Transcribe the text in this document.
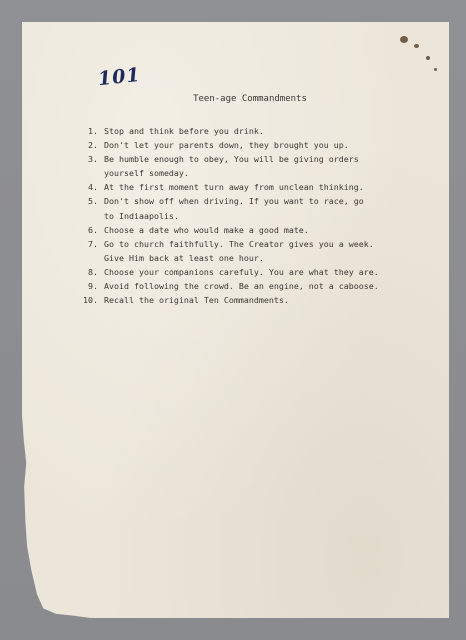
101

Teen-age Commandments

1. Stop and think before you drink.
2. Don't let your parents down, they brought you up.
3. Be humble enough to obey, You will be giving orders
yourself someday.
4. At the first moment turn away from unclean thinking.
5. Don't show off when driving. If you want to race, go
to Indiaapolis.
6. Choose a date who would make a good mate.
7. Go to church faithfully. The Creator gives you a week.
Give Him back at least one hour.
8. Choose your companions carefuly. You are what they are.
9. Avoid following the crowd. Be an engine, not a caboose.
10. Recall the original Ten Commandments.
